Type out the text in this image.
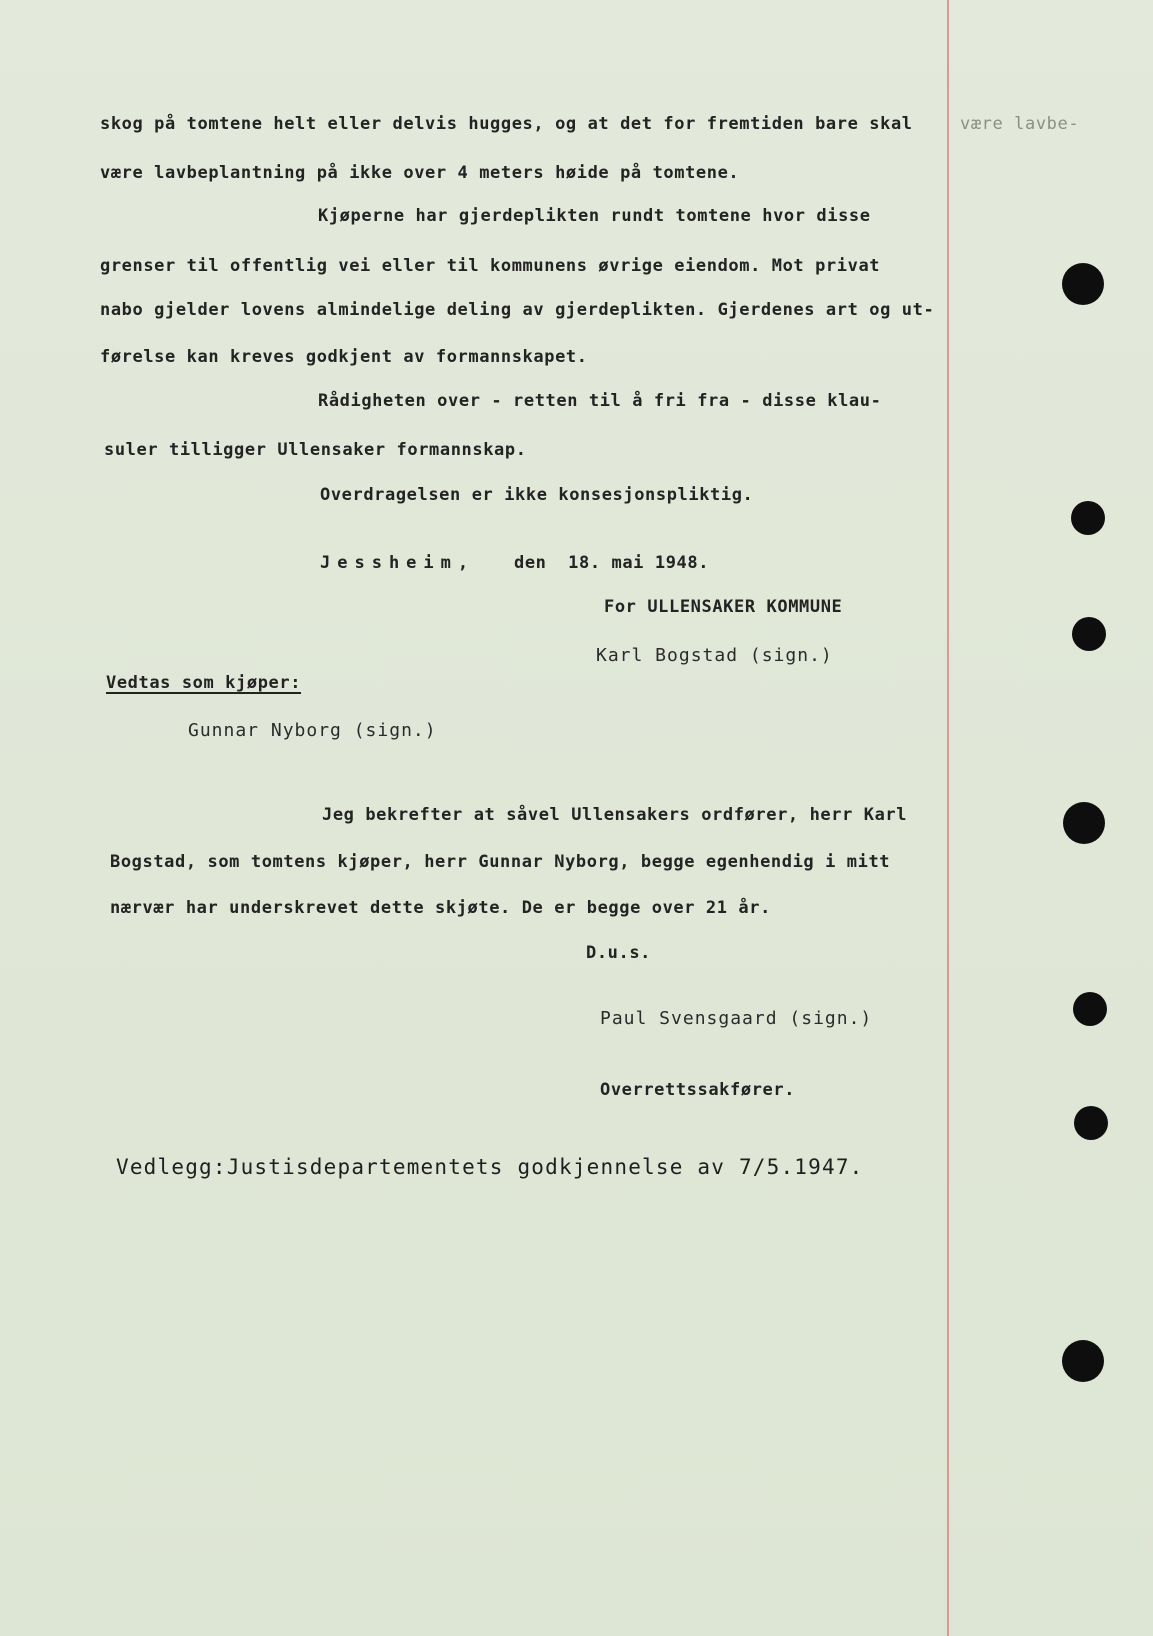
skog på tomtene helt eller delvis hugges, og at det for fremtiden bare skal	være lavbe-
være lavbeplantning på ikke over 4 meters høide på tomtene.
Kjøperne har gjerdeplikten rundt tomtene hvor disse
grenser til offentlig vei eller til kommunens øvrige eiendom. Mot privat
nabo gjelder lovens almindelige deling av gjerdeplikten. Gjerdenes art og ut-
førelse kan kreves godkjent av formannskapet.
Rådigheten over - retten til å fri fra - disse klau-
suler tilligger Ullensaker formannskap.
Overdragelsen er ikke konsesjonspliktig.
Jessheim, den  18. mai 1948.
For ULLENSAKER KOMMUNE
Karl Bogstad (sign.)
Vedtas som kjøper:
Gunnar Nyborg (sign.)
Jeg bekrefter at såvel Ullensakers ordfører, herr Karl
Bogstad, som tomtens kjøper, herr Gunnar Nyborg, begge egenhendig i mitt
nærvær har underskrevet dette skjøte. De er begge over 21 år.
D.u.s.
Paul Svensgaard (sign.)
Overrettssakfører.
Vedlegg:Justisdepartementets godkjennelse av 7/5.1947.
